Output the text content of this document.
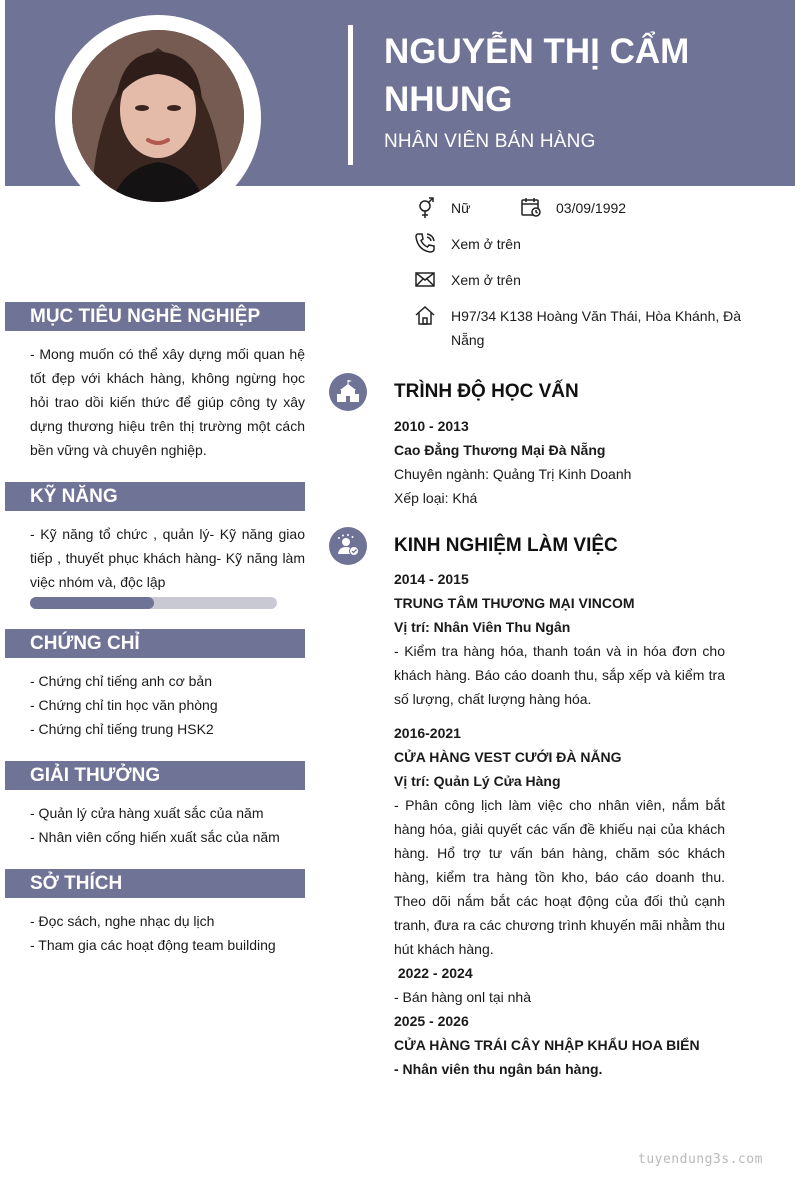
NGUYỄN THỊ CẨM NHUNG
NHÂN VIÊN BÁN HÀNG
Nữ	03/09/1992
Xem ở trên
Xem ở trên
H97/34 K138 Hoàng Văn Thái, Hòa Khánh, Đà Nẵng
MỤC TIÊU NGHỀ NGHIỆP
- Mong muốn có thể xây dựng mối quan hệ tốt đẹp với khách hàng, không ngừng học hỏi trao dồi kiến thức để giúp công ty xây dựng thương hiệu trên thị trường một cách bền vững và chuyên nghiệp.
KỸ NĂNG
- Kỹ năng tổ chức , quản lý- Kỹ năng giao tiếp , thuyết phục khách hàng- Kỹ năng làm việc nhóm và, độc lập
CHỨNG CHỈ

- Chứng chỉ tiếng anh cơ bản

- Chứng chỉ tin học văn phòng

- Chứng chỉ tiếng trung HSK2

GIẢI THƯỞNG

- Quản lý cửa hàng xuất sắc của năm

- Nhân viên cống hiến xuất sắc của năm

SỞ THÍCH

- Đọc sách, nghe nhạc dụ lịch

- Tham gia các hoạt động team building

TRÌNH ĐỘ HỌC VẤN

2010 - 2013

Cao Đẳng Thương Mại Đà Nẵng

Chuyên ngành: Quảng Trị Kinh Doanh

Xếp loại: Khá

KINH NGHIỆM LÀM VIỆC

2014 - 2015

TRUNG TÂM THƯƠNG MẠI VINCOM

Vị trí: Nhân Viên Thu Ngân

- Kiểm tra hàng hóa, thanh toán và in hóa đơn cho khách hàng. Báo cáo doanh thu, sắp xếp và kiểm tra số lượng, chất lượng hàng hóa.

2016-2021

CỬA HÀNG VEST CƯỚI ĐÀ NẴNG

Vị trí: Quản Lý Cửa Hàng

- Phân công lịch làm việc cho nhân viên, nắm bắt hàng hóa, giải quyết các vấn đề khiếu nại của khách hàng. Hổ trợ tư vấn bán hàng, chăm sóc khách hàng, kiểm tra hàng tồn kho, báo cáo doanh thu. Theo dõi nắm bắt các hoạt động của đối thủ cạnh tranh, đưa ra các chương trình khuyến mãi nhằm thu hút khách hàng.

2022 - 2024

- Bán hàng onl tại nhà

2025 - 2026

CỬA HÀNG TRÁI CÂY NHẬP KHẨU HOA BIỂN

- Nhân viên thu ngân bán hàng.

tuyendung3s.com
